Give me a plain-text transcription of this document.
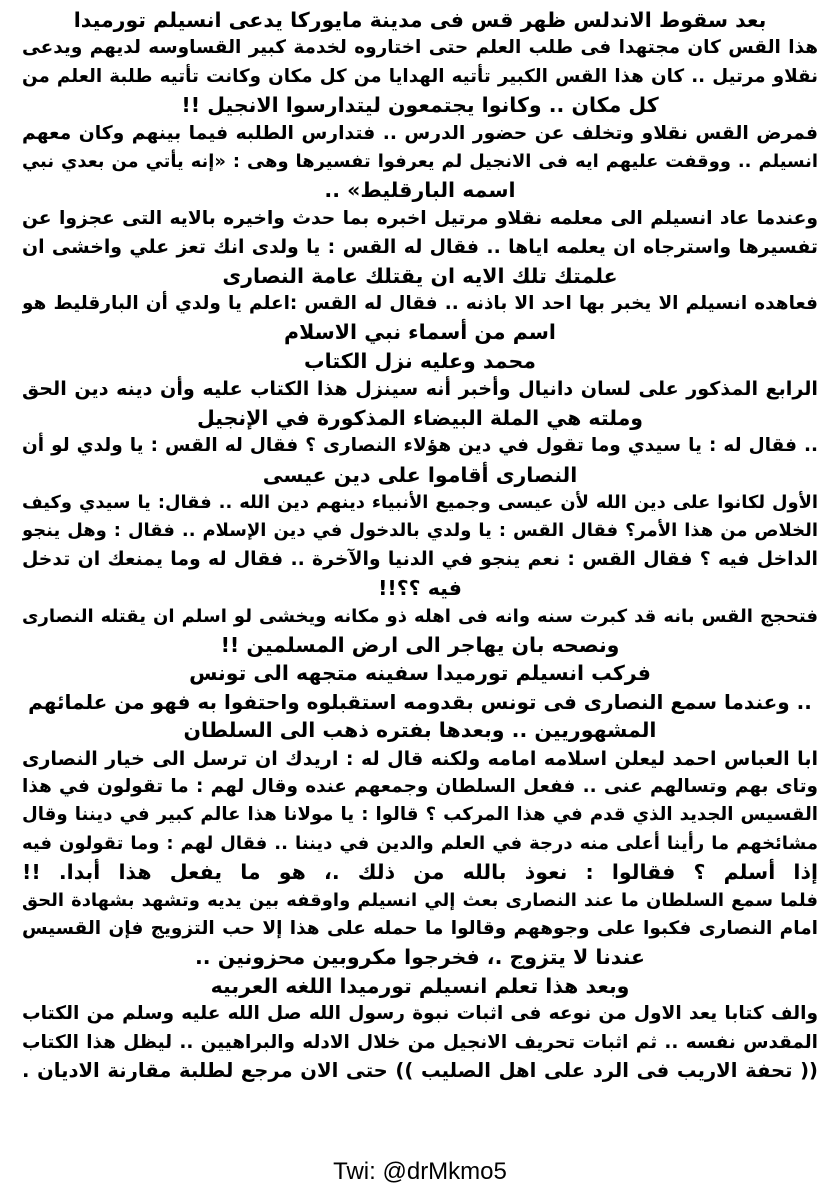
بعد سقوط الاندلس ظهر قس فى مدينة مايوركا يدعى انسيلم تورميدا
هذا القس كان مجتهدا فى طلب العلم حتى اختاروه لخدمة كبير القساوسه لديهم ويدعى
نقلاو مرتيل .. كان هذا القس الكبير تأتيه الهدايا من كل مكان وكانت تأتيه طلبة العلم من
كل مكان .. وكانوا يجتمعون ليتدارسوا الانجيل !!
فمرض القس نقلاو وتخلف عن حضور الدرس .. فتدارس الطلبه فيما بينهم وكان معهم
انسيلم .. ووقفت عليهم ايه فى الانجيل لم يعرفوا تفسيرها وهى : «إنه يأتي من بعدي نبي
اسمه البارقليط» ..
وعندما عاد انسيلم الى معلمه نقلاو مرتيل اخبره بما حدث واخيره بالايه التى عجزوا عن
تفسيرها واسترجاه ان يعلمه اياها .. فقال له القس : يا ولدى انك تعز علي واخشى ان
علمتك تلك الايه ان يقتلك عامة النصارى
فعاهده انسيلم الا يخبر بها احد الا باذنه .. فقال له القس :اعلم يا ولدي أن البارقليط هو
اسم من أسماء نبي الاسلام
محمد وعليه نزل الكتاب
الرابع المذكور على لسان دانيال وأخبر أنه سينزل هذا الكتاب عليه وأن دينه دين الحق
وملته هي الملة البيضاء المذكورة في الإنجيل
.. فقال له : يا سيدي وما تقول في دين هؤلاء النصارى ؟ فقال له القس : يا ولدي لو أن
النصارى أقاموا على دين عيسى
الأول لكانوا على دين الله لأن عيسى وجميع الأنبياء دينهم دين الله .. فقال: يا سيدي وكيف
الخلاص من هذا الأمر؟ فقال القس : يا ولدي بالدخول في دين الإسلام .. فقال : وهل ينجو
الداخل فيه ؟ فقال القس : نعم ينجو في الدنيا والآخرة .. فقال له وما يمنعك ان تدخل
فيه ؟؟!!
فتحجج القس بانه قد كبرت سنه وانه فى اهله ذو مكانه ويخشى لو اسلم ان يقتله النصارى
ونصحه بان يهاجر الى ارض المسلمين !!
فركب انسيلم تورميدا سفينه متجهه الى تونس
.. وعندما سمع النصارى فى تونس بقدومه استقبلوه واحتفوا به فهو من علمائهم
المشهوريين .. وبعدها بفتره ذهب الى السلطان
ابا العباس احمد ليعلن اسلامه امامه ولكنه قال له : اريدك ان ترسل الى خيار النصارى
وتاى بهم وتسالهم عنى .. ففعل السلطان وجمعهم عنده وقال لهم : ما تقولون في هذا
القسيس الجديد الذي قدم في هذا المركب ؟ قالوا : يا مولانا هذا عالم كبير في ديننا وقال
مشائخهم ما رأينا أعلى منه درجة في العلم والدين في ديننا .. فقال لهم : وما تقولون فيه
إذا أسلم ؟ فقالوا : نعوذ بالله من ذلك .، هو ما يفعل هذا أبدا. !!
فلما سمع السلطان ما عند النصارى بعث إلي انسيلم واوقفه بين يديه وتشهد بشهادة الحق
امام النصارى فكبوا على وجوههم وقالوا ما حمله على هذا إلا حب التزويج فإن القسيس
عندنا لا يتزوج .، فخرجوا مكروبين محزونين ..
وبعد هذا تعلم انسيلم تورميدا اللغه العربيه
والف كتابا يعد الاول من نوعه فى اثبات نبوة رسول الله صل الله عليه وسلم من الكتاب
المقدس نفسه .. ثم اثبات تحريف الانجيل من خلال الادله والبراهيين .. ليظل هذا الكتاب
(( تحفة الاريب فى الرد على اهل الصليب )) حتى الان مرجع لطلبة مقارنة الاديان .
Twi: @drMkmo5
